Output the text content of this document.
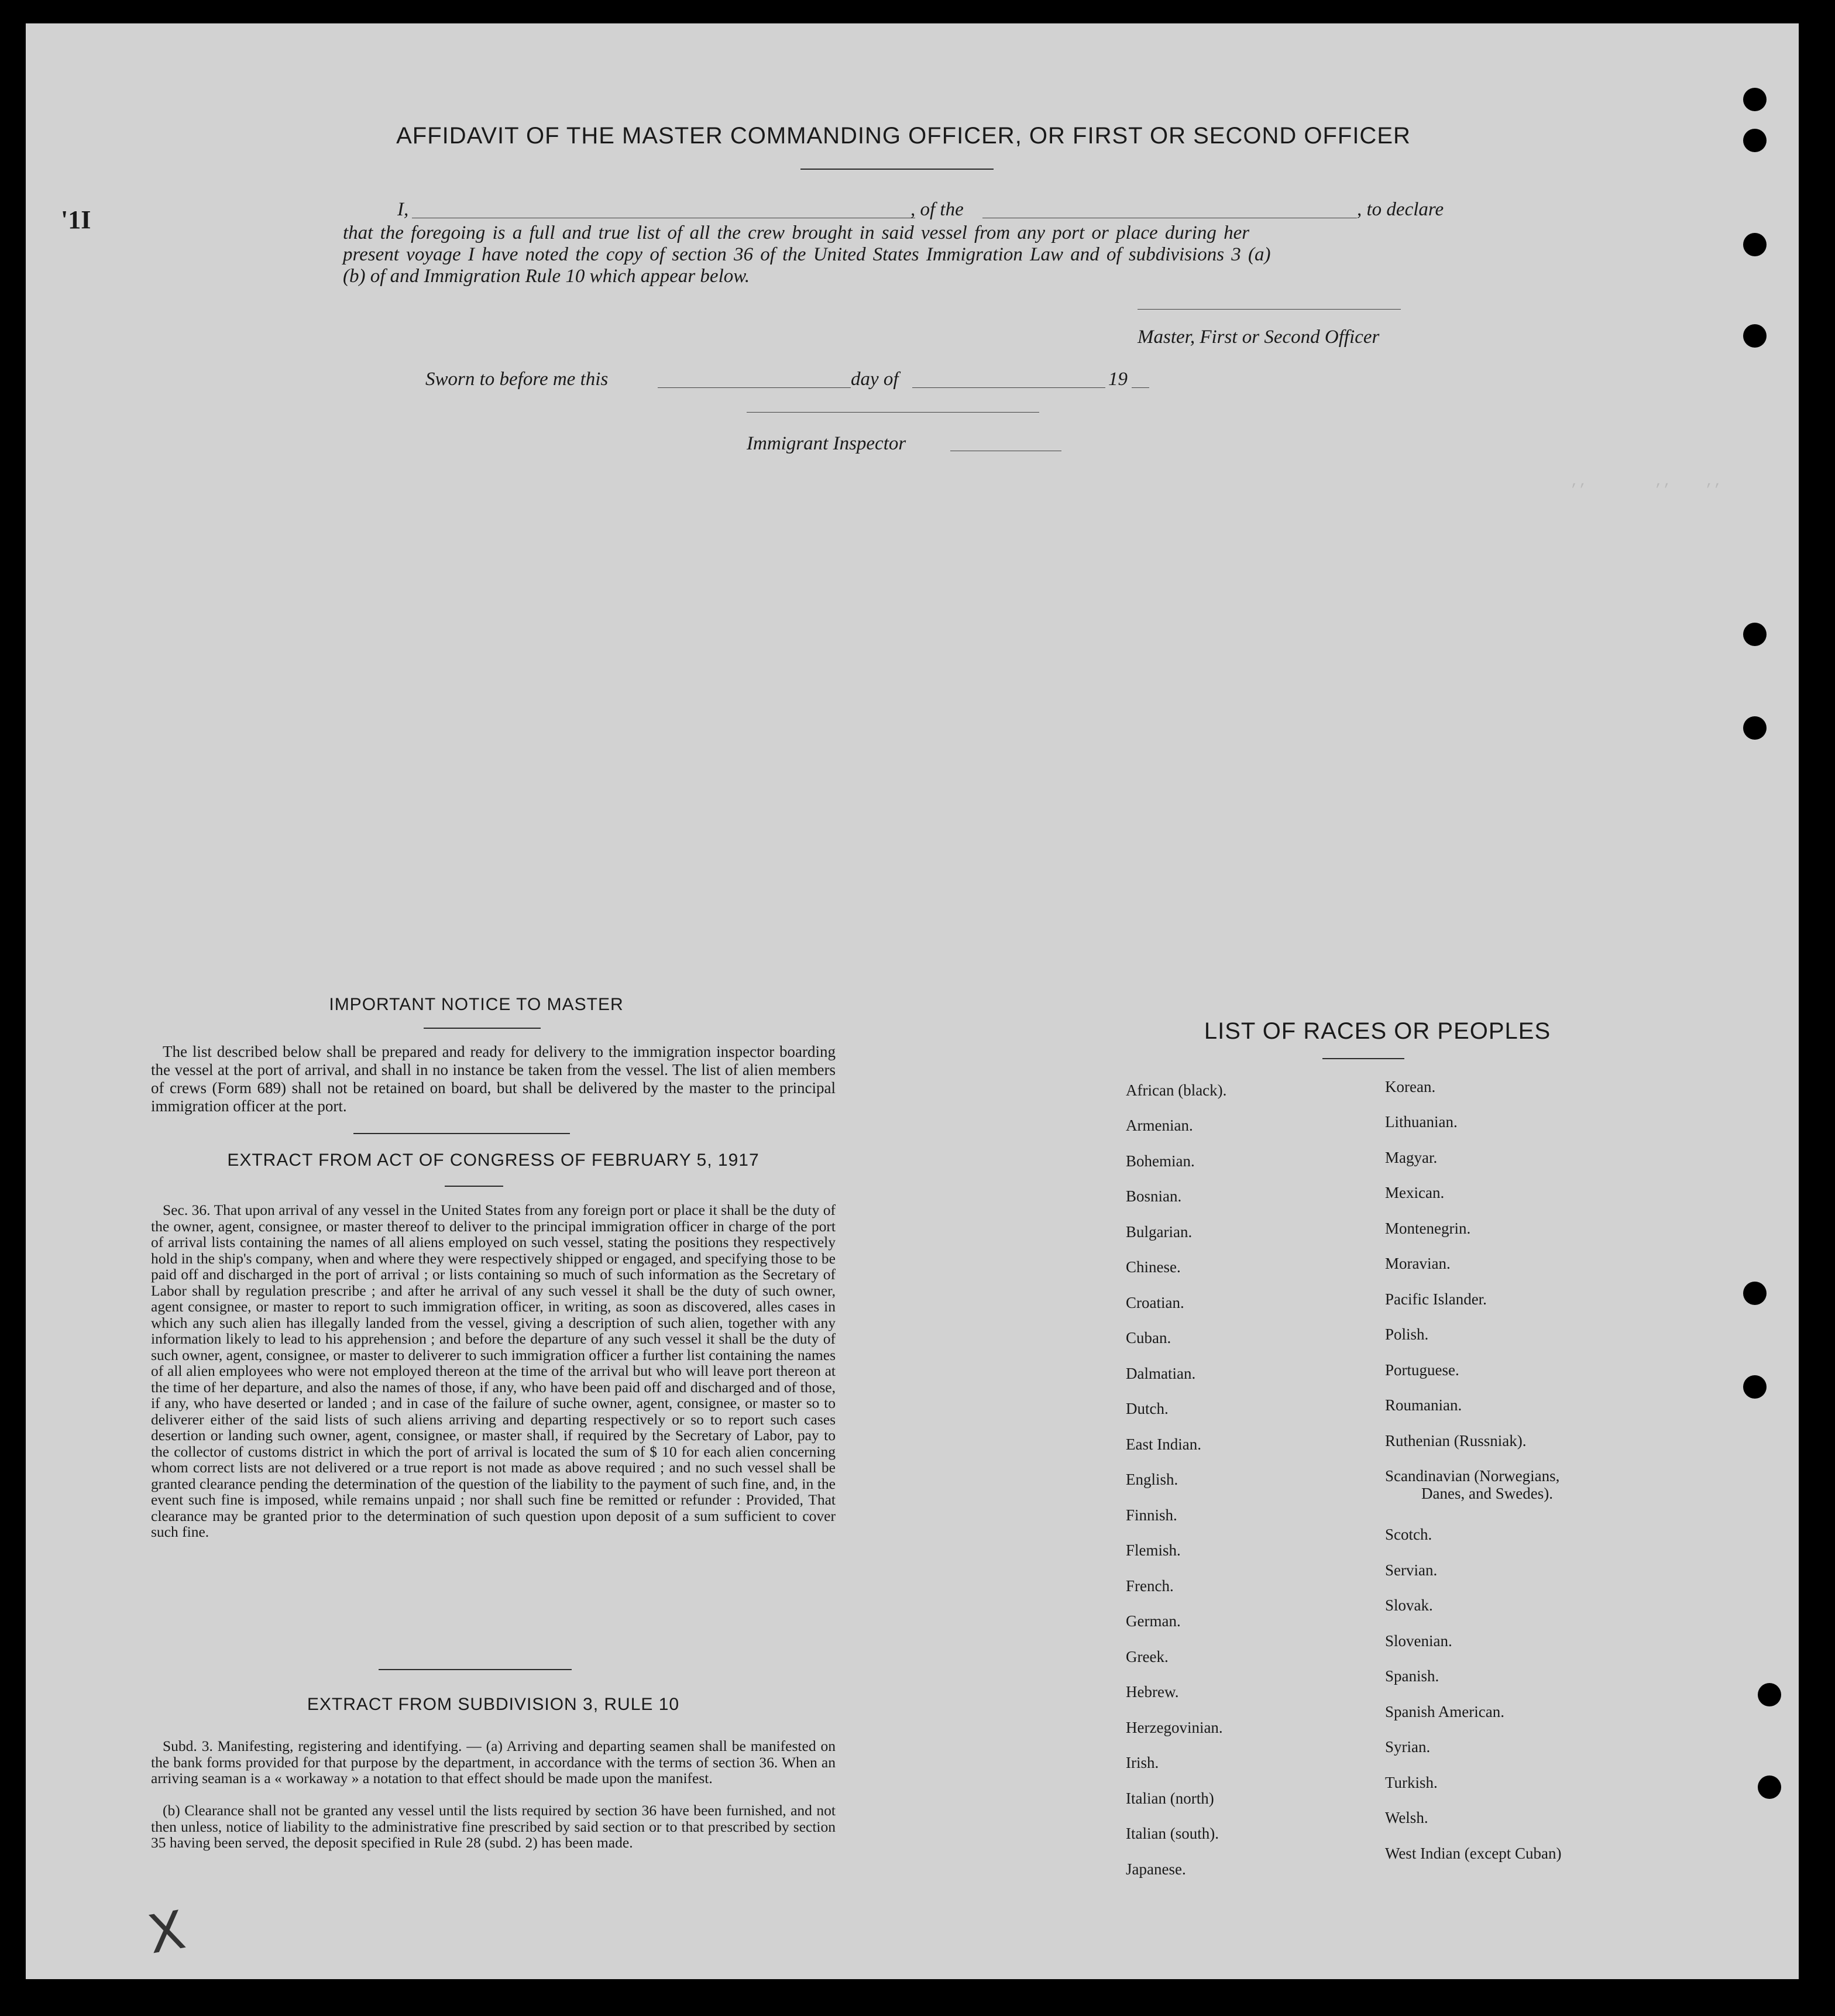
,,        ,,    ,,
'1I
AFFIDAVIT OF THE MASTER COMMANDING OFFICER, OR FIRST OR SECOND OFFICER
I,	, of the	, to declare
that the foregoing is a full and true list of all the crew brought in said vessel from any port or place during her
present voyage I have noted the copy of section 36 of the United States Immigration Law and of subdivisions 3 (a)
(b) of and Immigration Rule 10 which appear below.
Master, First or Second Officer
Sworn to before me this	day of	19
Immigrant Inspector
IMPORTANT NOTICE TO MASTER
The list described below shall be prepared and ready for delivery to the immigration inspector boarding the vessel at the port of arrival, and shall in no instance be taken from the vessel. The list of alien members of crews (Form 689) shall not be retained on board, but shall be delivered by the master to the principal immigration officer at the port.
EXTRACT FROM ACT OF CONGRESS OF FEBRUARY 5, 1917
Sec. 36. That upon arrival of any vessel in the United States from any foreign port or place it shall be the duty of the owner, agent, consignee, or master thereof to deliver to the principal immigration officer in charge of the port of arrival lists containing the names of all aliens employed on such vessel, stating the positions they respectively hold in the ship's company, when and where they were respectively shipped or engaged, and specifying those to be paid off and discharged in the port of arrival ; or lists containing so much of such information as the Secretary of Labor shall by regulation prescribe ; and after he arrival of any such vessel it shall be the duty of such owner, agent consignee, or master to report to such immigration officer, in writing, as soon as discovered, alles cases in which any such alien has illegally landed from the vessel, giving a description of such alien, together with any information likely to lead to his apprehension ; and before the departure of any such vessel it shall be the duty of such owner, agent, consignee, or master to deliverer to such immigration officer a further list containing the names of all alien employees who were not employed thereon at the time of the arrival but who will leave port thereon at the time of her departure, and also the names of those, if any, who have been paid off and discharged and of those, if any, who have deserted or landed ; and in case of the failure of suche owner, agent, consignee, or master so to deliverer either of the said lists of such aliens arriving and departing respectively or so to report such cases desertion or landing such owner, agent, consignee, or master shall, if required by the Secretary of Labor, pay to the collector of customs district in which the port of arrival is located the sum of $ 10 for each alien concerning whom correct lists are not delivered or a true report is not made as above required ; and no such vessel shall be granted clearance pending the determination of the question of the liability to the payment of such fine, and, in the event such fine is imposed, while remains unpaid ; nor shall such fine be remitted or refunder : Provided, That clearance may be granted prior to the determination of such question upon deposit of a sum sufficient to cover such fine.
EXTRACT FROM SUBDIVISION 3, RULE 10
Subd. 3. Manifesting, registering and identifying. — (a) Arriving and departing seamen shall be manifested on the bank forms provided for that purpose by the department, in accordance with the terms of section 36. When an arriving seaman is a « workaway » a notation to that effect should be made upon the manifest.
(b) Clearance shall not be granted any vessel until the lists required by section 36 have been furnished, and not then unless, notice of liability to the administrative fine prescribed by said section or to that prescribed by section 35 having been served, the deposit specified in Rule 28 (subd. 2) has been made.
X
LIST OF RACES OR PEOPLES
African (black).
Armenian.
Bohemian.
Bosnian.
Bulgarian.
Chinese.
Croatian.
Cuban.
Dalmatian.
Dutch.
East Indian.
English.
Finnish.
Flemish.
French.
German.
Greek.
Hebrew.
Herzegovinian.
Irish.
Italian (north)
Italian (south).
Japanese.
Korean.
Lithuanian.
Magyar.
Mexican.
Montenegrin.
Moravian.
Pacific Islander.
Polish.
Portuguese.
Roumanian.
Ruthenian (Russniak).
Scandinavian (Norwegians,
Danes, and Swedes).
Scotch.
Servian.
Slovak.
Slovenian.
Spanish.
Spanish American.
Syrian.
Turkish.
Welsh.
West Indian (except Cuban)
